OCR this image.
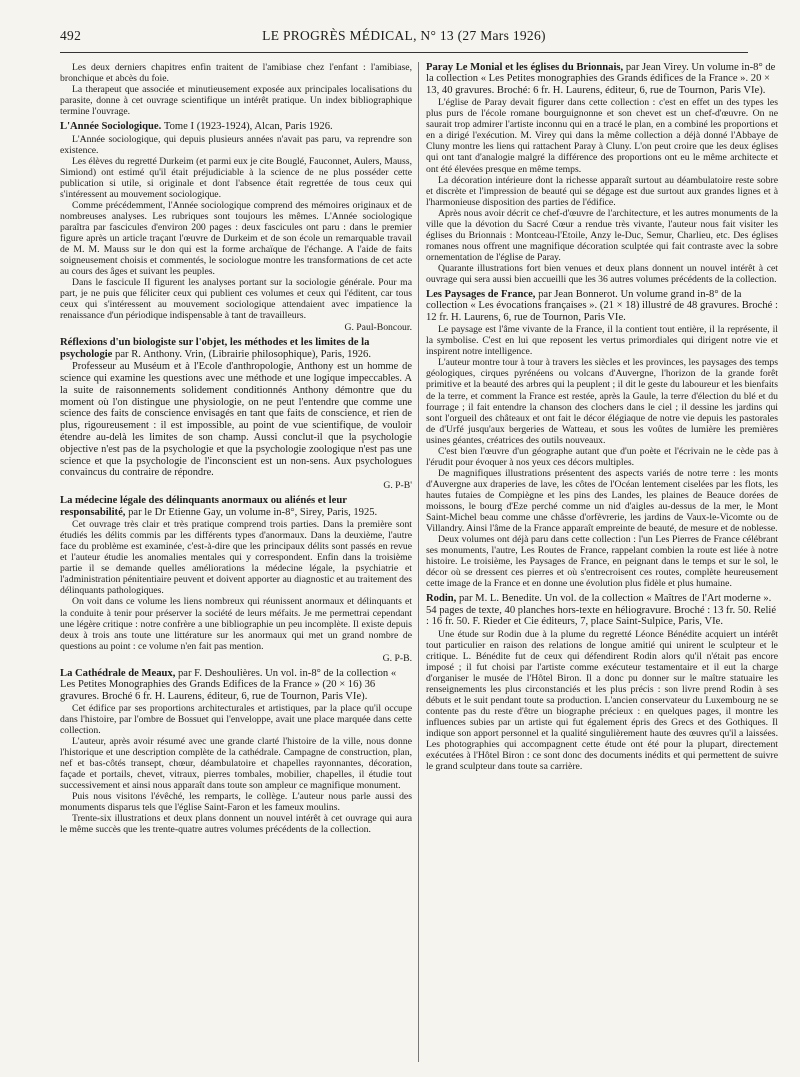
492	LE PROGRÈS MÉDICAL, N° 13 (27 Mars 1926)

Les deux derniers chapitres enfin traitent de l'amibiase chez l'enfant : l'amibiase, bronchique et abcès du foie.

La therapeut que associée et minutieusement exposée aux principales localisations du parasite, donne à cet ouvrage scientifique un intérêt pratique. Un index bibliographique termine l'ouvrage.

L'Année Sociologique. Tome I (1923-1924), Alcan, Paris 1926.

L'Année sociologique, qui depuis plusieurs années n'avait pas paru, va reprendre son existence.

Les élèves du regretté Durkeim (et parmi eux je cite Bouglé, Fauconnet, Aulers, Mauss, Simiond) ont estimé qu'il était préjudiciable à la science de ne plus posséder cette publication si utile, si originale et dont l'absence était regrettée de tous ceux qui s'intéressent au mouvement sociologique.

Comme précédemment, l'Année sociologique comprend des mémoires originaux et de nombreuses analyses. Les rubriques sont toujours les mêmes. L'Année sociologique paraîtra par fascicules d'environ 200 pages : deux fascicules ont paru : dans le premier figure après un article traçant l'œuvre de Durkeim et de son école un remarquable travail de M. M. Mauss sur le don qui est la forme archaïque de l'échange. A l'aide de faits soigneusement choisis et commentés, le sociologue montre les transformations de cet acte au cours des âges et suivant les peuples.

Dans le fascicule II figurent les analyses portant sur la sociologie générale. Pour ma part, je ne puis que féliciter ceux qui publient ces volumes et ceux qui l'éditent, car tous ceux qui s'intéressent au mouvement sociologique attendaient avec impatience la renaissance d'un périodique indispensable à tant de travailleurs.

G. Paul-Boncour.
Réflexions d'un biologiste sur l'objet, les méthodes et les limites de la psychologie par R. Anthony. Vrin, (Librairie philosophique), Paris, 1926.

Professeur au Muséum et à l'Ecole d'anthropologie, Anthony est un homme de science qui examine les questions avec une méthode et une logique impeccables. A la suite de raisonnements solidement conditionnés Anthony démontre que du moment où l'on distingue une physiologie, on ne peut l'entendre que comme une science des faits de conscience envisagés en tant que faits de conscience, et rien de plus, rigoureusement : il est impossible, au point de vue scientifique, de vouloir étendre au-delà les limites de son champ. Aussi conclut-il que la psychologie objective n'est pas de la psychologie et que la psychologie zoologique n'est pas une science et que la psychologie de l'inconscient est un non-sens. Aux psychologues convaincus du contraire de répondre.

G. P-B'
La médecine légale des délinquants anormaux ou aliénés et leur responsabilité, par le Dr Etienne Gay, un volume in-8°, Sirey, Paris, 1925.

Cet ouvrage très clair et très pratique comprend trois parties. Dans la première sont étudiés les délits commis par les différents types d'anormaux. Dans la deuxième, l'autre face du problème est examinée, c'est-à-dire que les principaux délits sont passés en revue et l'auteur étudie les anomalies mentales qui y correspondent. Enfin dans la troisième partie il se demande quelles améliorations la médecine légale, la psychiatrie et l'administration pénitentiaire peuvent et doivent apporter au diagnostic et au traitement des délinquants pathologiques.

On voit dans ce volume les liens nombreux qui réunissent anormaux et délinquants et la conduite à tenir pour préserver la société de leurs méfaits. Je me permettrai cependant une légère critique : notre confrère a une bibliographie un peu incomplète. Il existe depuis deux à trois ans toute une littérature sur les anormaux qui met un grand nombre de questions au point : ce volume n'en fait pas mention.

G. P-B.
La Cathédrale de Meaux, par F. Deshoulières. Un vol. in-8° de la collection « Les Petites Monographies des Grands Edifices de la France » (20 × 16) 36 gravures. Broché 6 fr. H. Laurens, éditeur, 6, rue de Tournon, Paris VIe).

Cet édifice par ses proportions architecturales et artistiques, par la place qu'il occupe dans l'histoire, par l'ombre de Bossuet qui l'enveloppe, avait une place marquée dans cette collection.

L'auteur, après avoir résumé avec une grande clarté l'histoire de la ville, nous donne l'historique et une description complète de la cathédrale. Campagne de construction, plan, nef et bas-côtés transept, chœur, déambulatoire et chapelles rayonnantes, décoration, façade et portails, chevet, vitraux, pierres tombales, mobilier, chapelles, il étudie tout successivement et ainsi nous apparaît dans toute son ampleur ce magnifique monument.

Puis nous visitons l'évêché, les remparts, le collège. L'auteur nous parle aussi des monuments disparus tels que l'église Saint-Faron et les fameux moulins.

Trente-six illustrations et deux plans donnent un nouvel intérêt à cet ouvrage qui aura le même succès que les trente-quatre autres volumes précédents de la collection.

Paray Le Monial et les églises du Brionnais, par Jean Virey. Un volume in-8° de la collection « Les Petites monographies des Grands édifices de la France ». 20 × 13, 40 gravures. Broché: 6 fr. H. Laurens, éditeur, 6, rue de Tournon, Paris VIe).

L'église de Paray devait figurer dans cette collection : c'est en effet un des types les plus purs de l'école romane bourguignonne et son chevet est un chef-d'œuvre. On ne saurait trop admirer l'artiste inconnu qui en a tracé le plan, en a combiné les proportions et en a dirigé l'exécution. M. Virey qui dans la même collection a déjà donné l'Abbaye de Cluny montre les liens qui rattachent Paray à Cluny. L'on peut croire que les deux églises qui ont tant d'analogie malgré la différence des proportions ont eu le même architecte et ont été élevées presque en même temps.

La décoration intérieure dont la richesse apparaît surtout au déambulatoire reste sobre et discrète et l'impression de beauté qui se dégage est due surtout aux grandes lignes et à l'harmonieuse disposition des parties de l'édifice.

Après nous avoir décrit ce chef-d'œuvre de l'architecture, et les autres monuments de la ville que la dévotion du Sacré Cœur a rendue très vivante, l'auteur nous fait visiter les églises du Brionnais : Montceau-l'Etoile, Anzy le-Duc, Semur, Charlieu, etc. Des églises romanes nous offrent une magnifique décoration sculptée qui fait contraste avec la sobre ornementation de l'église de Paray.

Quarante illustrations fort bien venues et deux plans donnent un nouvel intérêt à cet ouvrage qui sera aussi bien accueilli que les 36 autres volumes précédents de la collection.

Les Paysages de France, par Jean Bonnerot. Un volume grand in-8° de la collection « Les évocations françaises ». (21 × 18) illustré de 48 gravures. Broché : 12 fr. H. Laurens, 6, rue de Tournon, Paris VIe.

Le paysage est l'âme vivante de la France, il la contient tout entière, il la représente, il la symbolise. C'est en lui que reposent les vertus primordiales qui dirigent notre vie et inspirent notre intelligence.

L'auteur montre tour à tour à travers les siècles et les provinces, les paysages des temps géologiques, cirques pyrénéens ou volcans d'Auvergne, l'horizon de la grande forêt primitive et la beauté des arbres qui la peuplent ; il dit le geste du laboureur et les bienfaits de la terre, et comment la France est restée, après la Gaule, la terre d'élection du blé et du fourrage ; il fait entendre la chanson des clochers dans le ciel ; il dessine les jardins qui sont l'orgueil des châteaux et ont fait le décor élégiaque de notre vie depuis les pastorales de d'Urfé jusqu'aux bergeries de Watteau, et sous les voûtes de lumière les premières usines géantes, créatrices des outils nouveaux.

C'est bien l'œuvre d'un géographe autant que d'un poète et l'écrivain ne le cède pas à l'érudit pour évoquer à nos yeux ces décors multiples.

De magnifiques illustrations présentent des aspects variés de notre terre : les monts d'Auvergne aux draperies de lave, les côtes de l'Océan lentement ciselées par les flots, les hautes futaies de Compiègne et les pins des Landes, les plaines de Beauce dorées de moissons, le bourg d'Eze perché comme un nid d'aigles au-dessus de la mer, le Mont Saint-Michel beau comme une châsse d'orfèvrerie, les jardins de Vaux-le-Vicomte ou de Villandry. Ainsi l'âme de la France apparaît empreinte de beauté, de mesure et de noblesse.

Deux volumes ont déjà paru dans cette collection : l'un Les Pierres de France célébrant ses monuments, l'autre, Les Routes de France, rappelant combien la route est liée à notre histoire. Le troisième, les Paysages de France, en peignant dans le temps et sur le sol, le décor où se dressent ces pierres et où s'entrecroisent ces routes, complète heureusement cette image de la France et en donne une évolution plus fidèle et plus humaine.

Rodin, par M. L. Benedite. Un vol. de la collection « Maîtres de l'Art moderne ». 54 pages de texte, 40 planches hors-texte en héliogravure. Broché : 13 fr. 50. Relié : 16 fr. 50. F. Rieder et Cie éditeurs, 7, place Saint-Sulpice, Paris, VIe.

Une étude sur Rodin due à la plume du regretté Léonce Bénédite acquiert un intérêt tout particulier en raison des relations de longue amitié qui unirent le sculpteur et le critique. L. Bénédite fut de ceux qui défendirent Rodin alors qu'il n'était pas encore imposé ; il fut choisi par l'artiste comme exécuteur testamentaire et il eut la charge d'organiser le musée de l'Hôtel Biron. Il a donc pu donner sur le maître statuaire les renseignements les plus circonstanciés et les plus précis : son livre prend Rodin à ses débuts et le suit pendant toute sa production. L'ancien conservateur du Luxembourg ne se contente pas du reste d'être un biographe précieux : en quelques pages, il montre les influences subies par un artiste qui fut également épris des Grecs et des Gothiques. Il indique son apport personnel et la qualité singulièrement haute des œuvres qu'il a laissées. Les photographies qui accompagnent cette étude ont été pour la plupart, directement exécutées à l'Hôtel Biron : ce sont donc des documents inédits et qui permettent de suivre le grand sculpteur dans toute sa carrière.
